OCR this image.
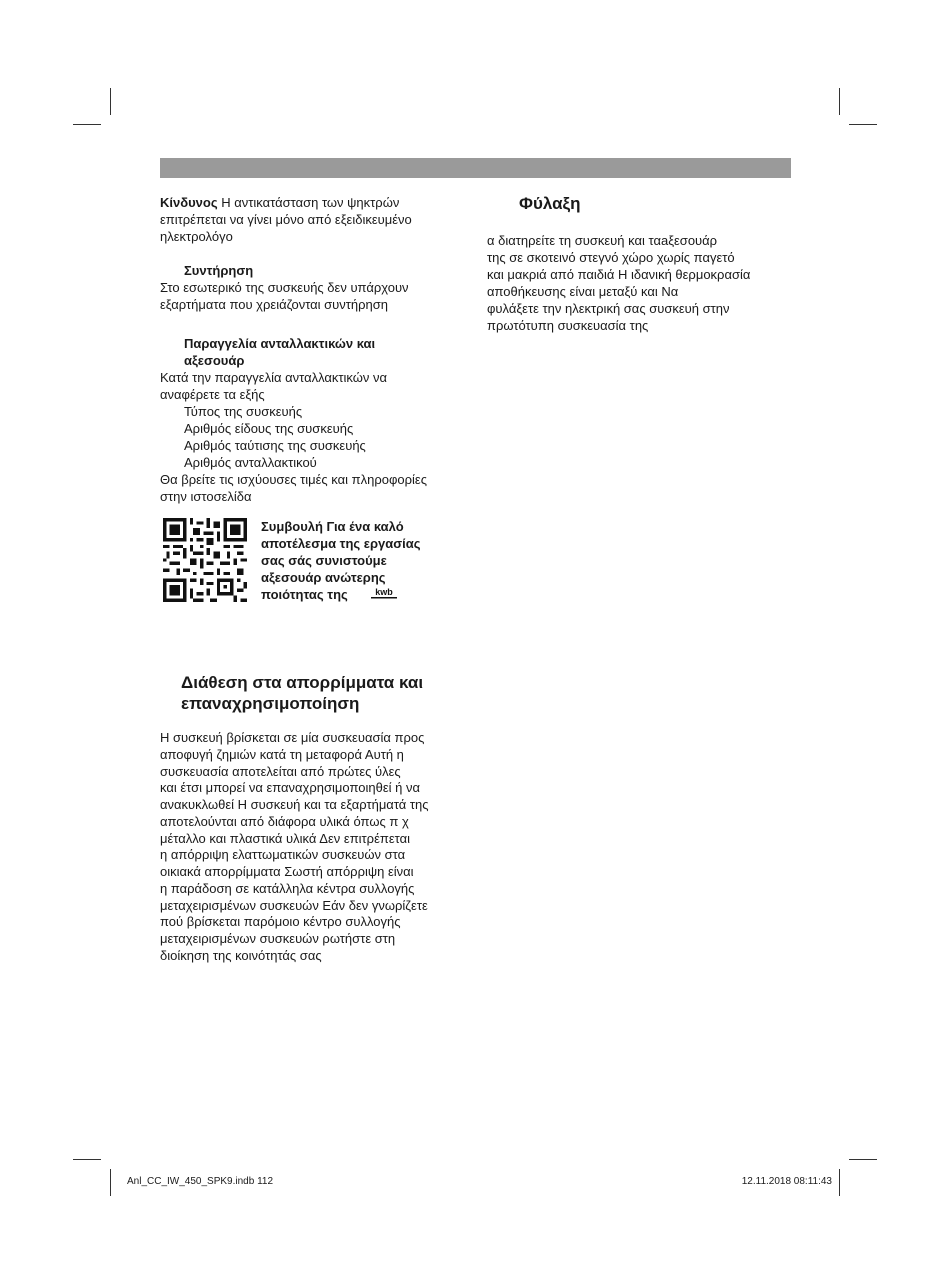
Κίνδυνος Η αντικατάσταση των ψηκτρών
επιτρέπεται να γίνει μόνο από εξειδικευμένο
ηλεκτρολόγο

Συντήρηση

Στο εσωτερικό της συσκευής δεν υπάρχουν
εξαρτήματα που χρειάζονται συντήρηση

Παραγγελία ανταλλακτικών και
αξεσουάρ

Κατά την παραγγελία ανταλλακτικών να
αναφέρετε τα εξής

Τύπος της συσκευής
Αριθμός είδους της συσκευής
Αριθμός ταύτισης της συσκευής
Αριθμός ανταλλακτικού

Θα βρείτε τις ισχύουσες τιμές και πληροφορίες
στην ιστοσελίδα

Συμβουλή Για ένα καλό
αποτέλεσμα της εργασίας
σας σάς συνιστούμε
αξεσουάρ ανώτερης
ποιότητας της	kwb
Φύλαξη

α διατηρείτε τη συσκευή και ταaξεσουάρ
της σε σκοτεινό στεγνό χώρο χωρίς παγετό
και μακριά από παιδιά Η ιδανική θερμοκρασία
αποθήκευσης είναι μεταξύ και Να
φυλάξετε την ηλεκτρική σας συσκευή στην
πρωτότυπη συσκευασία της

Διάθεση στα απορρίμματα και
επαναχρησιμοποίηση

Η συσκευή βρίσκεται σε μία συσκευασία προς
αποφυγή ζημιών κατά τη μεταφορά Αυτή η
συσκευασία αποτελείται από πρώτες ύλες
και έτσι μπορεί να επαναχρησιμοποιηθεί ή να
ανακυκλωθεί Η συσκευή και τα εξαρτήματά της
αποτελούνται από διάφορα υλικά όπως π χ
μέταλλο και πλαστικά υλικά Δεν επιτρέπεται
η απόρριψη ελαττωματικών συσκευών στα
οικιακά απορρίμματα Σωστή απόρριψη είναι
η παράδοση σε κατάλληλα κέντρα συλλογής
μεταχειρισμένων συσκευών Εάν δεν γνωρίζετε
πού βρίσκεται παρόμοιο κέντρο συλλογής
μεταχειρισμένων συσκευών ρωτήστε στη
διοίκηση της κοινότητάς σας

Anl_CC_IW_450_SPK9.indb 112	12.11.2018 08:11:43
